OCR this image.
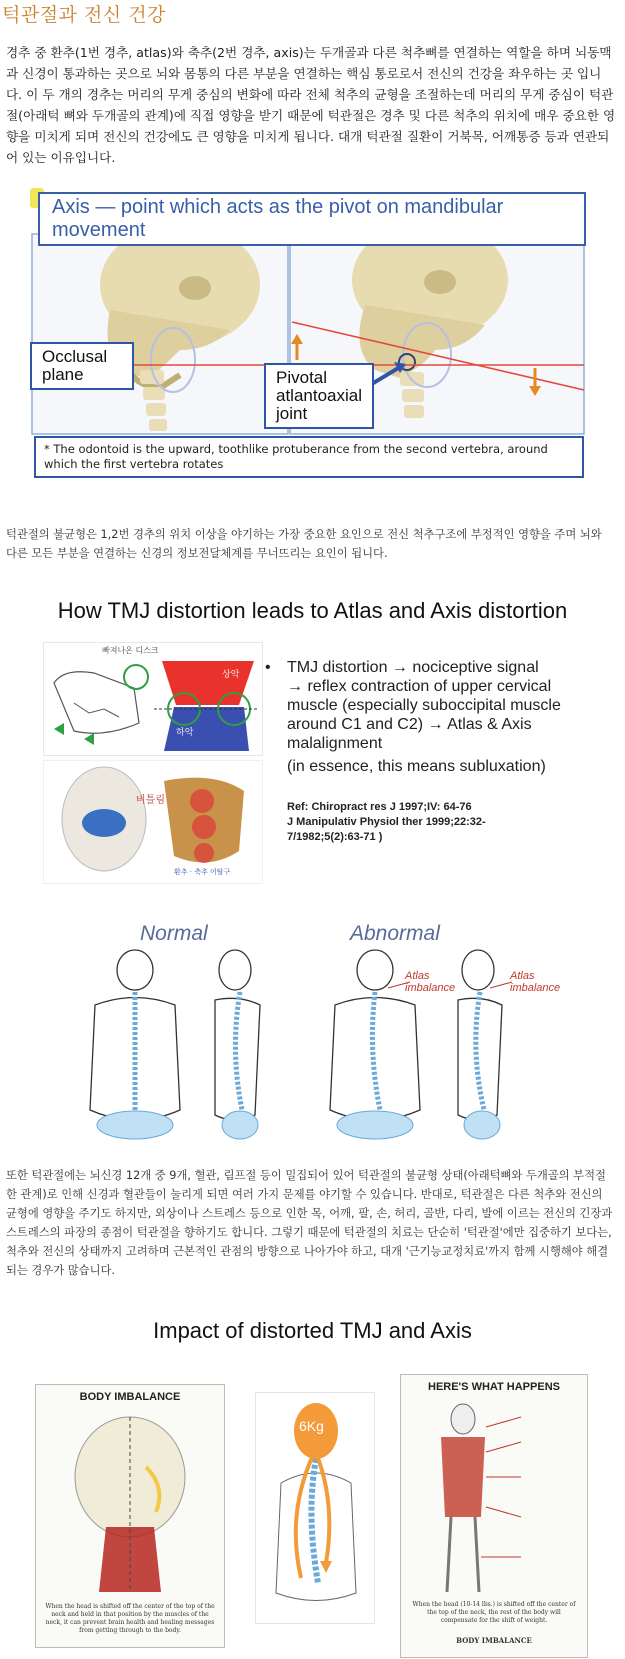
턱관절과 전신 건강
경추 중 환추(1번 경추, atlas)와 축추(2번 경추, axis)는 두개골과 다른 척추뼈를 연결하는 역할을 하며 뇌동맥과 신경이 통과하는 곳으로 뇌와 몸통의 다른 부분을 연결하는 핵심 통로로서 전신의 건강을 좌우하는 곳 입니다. 이 두 개의 경추는 머리의 무게 중심의 변화에 따라 전체 척추의 균형을 조절하는데 머리의 무게 중심이 턱관절(아래턱 뼈와 두개골의 관계)에 직접 영향을 받기 때문에 턱관절은 경추 및 다른 척추의 위치에 매우 중요한 영향을 미치게 되며 전신의 건강에도 큰 영향을 미치게 됩니다. 대개 턱관절 질환이 거북목, 어깨통증 등과 연관되어 있는 이유입니다.
Axis — point which acts as the pivot on mandibular movement
Occlusal
plane	Pivotal
atlantoaxial
joint
* The odontoid is the upward, toothlike protuberance from the second vertebra, around which the first vertebra rotates
턱관절의 불균형은 1,2번 경추의 위치 이상을 야기하는 가장 중요한 요인으로 전신 척추구조에 부정적인 영향을 주며 뇌와 다른 모든 부분을 연결하는 신경의 정보전달체계를 무너뜨리는 요인이 됩니다.
How TMJ distortion leads to Atlas and Axis distortion
빠져나온 디스크
상악
하악
비틀림
환추 · 축추 어탈구
• TMJ distortion → nociceptive signal
→ reflex contraction of upper cervical
muscle (especially suboccipital muscle
around C1 and C2) → Atlas & Axis
malalignment
(in essence, this means subluxation)
Ref: Chiropract res J 1997;IV: 64-76
J Manipulativ Physiol ther 1999;22:32-
7/1982;5(2):63-71 )
Normal	Abnormal
Atlas imbalance
Atlas imbalance
또한 턱관절에는 뇌신경 12개 중 9개, 혈관, 림프절 등이 밀집되어 있어 턱관절의 불균형 상태(아래턱뼈와 두개골의 부적절한 관계)로 인해 신경과 혈관들이 눌리게 되면 여러 가지 문제를 야기할 수 있습니다. 반대로, 턱관절은 다른 척추와 전신의 균형에 영향을 주기도 하지만, 외상이나 스트레스 등으로 인한 목, 어깨, 팔, 손, 허리, 골반, 다리, 발에 이르는 전신의 긴장과 스트레스의 파장의 종점이 턱관절을 향하기도 합니다. 그렇기 때문에 턱관절의 치료는 단순히 '턱관절'에만 집중하기 보다는, 척추와 전신의 상태까지 고려하며 근본적인 관점의 방향으로 나아가야 하고, 대개 '근기능교정치료'까지 함께 시행해야 해결되는 경우가 많습니다.
Impact of distorted TMJ and Axis
BODY IMBALANCE
When the head is shifted off the center of the top of the neck and held in that position by the muscles of the neck, it can prevent brain health and healing messages from getting through to the body.
6Kg
HERE'S WHAT HAPPENS
When the head (10-14 lbs.) is shifted off the center of the top of the neck, the rest of the body will compensate for the shift of weight.
BODY IMBALANCE
